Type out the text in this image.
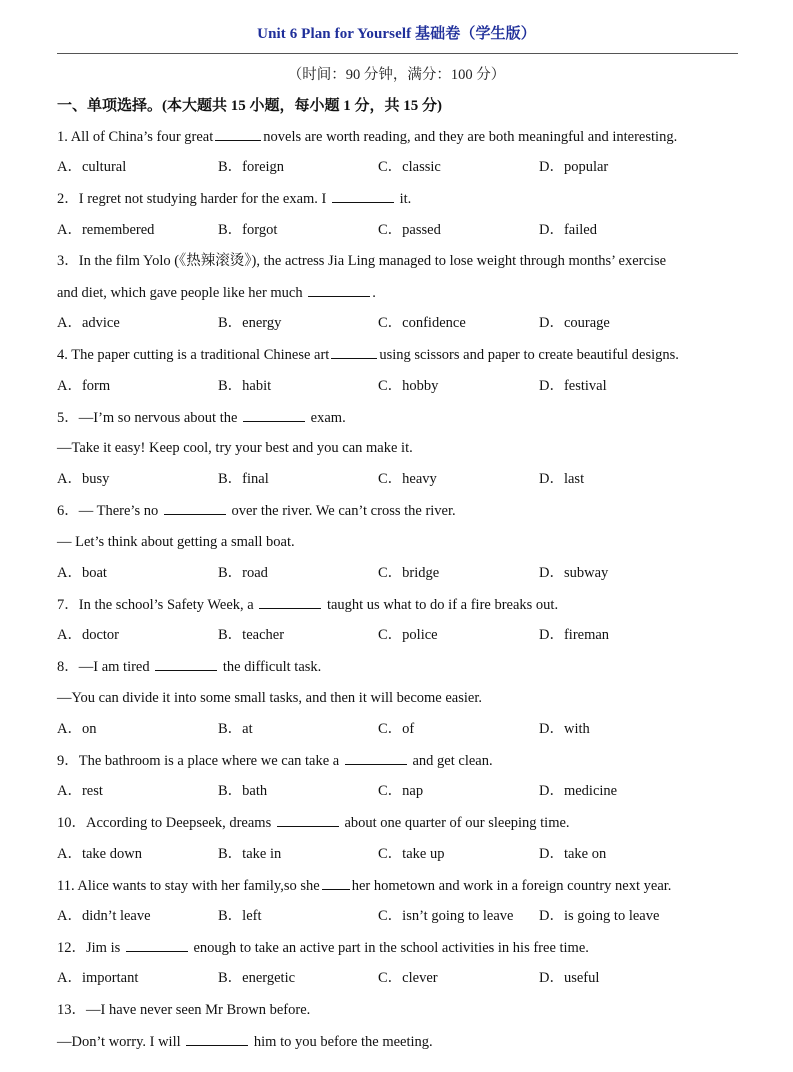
Unit 6 Plan for Yourself 基础卷（学生版）
（时间：90 分钟，满分：100 分）
一、单项选择。(本大题共 15 小题，每小题 1 分，共 15 分)
1. All of China’s four great	novels are worth reading, and they are both meaningful and interesting.
A．cultural	B．foreign	C．classic	D．popular
2．I regret not studying harder for the exam. I	it.
A．remembered	B．forgot	C．passed	D．failed
3．In the film Yolo (《热辣滚烫》), the actress Jia Ling managed to lose weight through months’ exercise
and diet, which gave people like her much	.
A．advice	B．energy	C．confidence	D．courage
4. The paper cutting is a traditional Chinese art	using scissors and paper to create beautiful designs.
A．form	B．habit	C．hobby	D．festival
5．—I’m so nervous about the	exam.
—Take it easy! Keep cool, try your best and you can make it.
A．busy	B．final	C．heavy	D．last
6．— There’s no	over the river. We can’t cross the river.
— Let’s think about getting a small boat.
A．boat	B．road	C．bridge	D．subway
7．In the school’s Safety Week, a	taught us what to do if a fire breaks out.
A．doctor	B．teacher	C．police	D．fireman
8．—I am tired	the difficult task.
—You can divide it into some small tasks, and then it will become easier.
A．on	B．at	C．of	D．with
9．The bathroom is a place where we can take a	and get clean.
A．rest	B．bath	C．nap	D．medicine
10．According to Deepseek, dreams	about one quarter of our sleeping time.
A．take down	B．take in	C．take up	D．take on
11. Alice wants to stay with her family,so she her hometown and work in a foreign country next year.
A．didn’t leave	B．left	C．isn’t going to leave D．is going to leave
12．Jim is	enough to take an active part in the school activities in his free time.
A．important	B．energetic	C．clever	D．useful
13．—I have never seen Mr Brown before.
—Don’t worry. I will	him to you before the meeting.
